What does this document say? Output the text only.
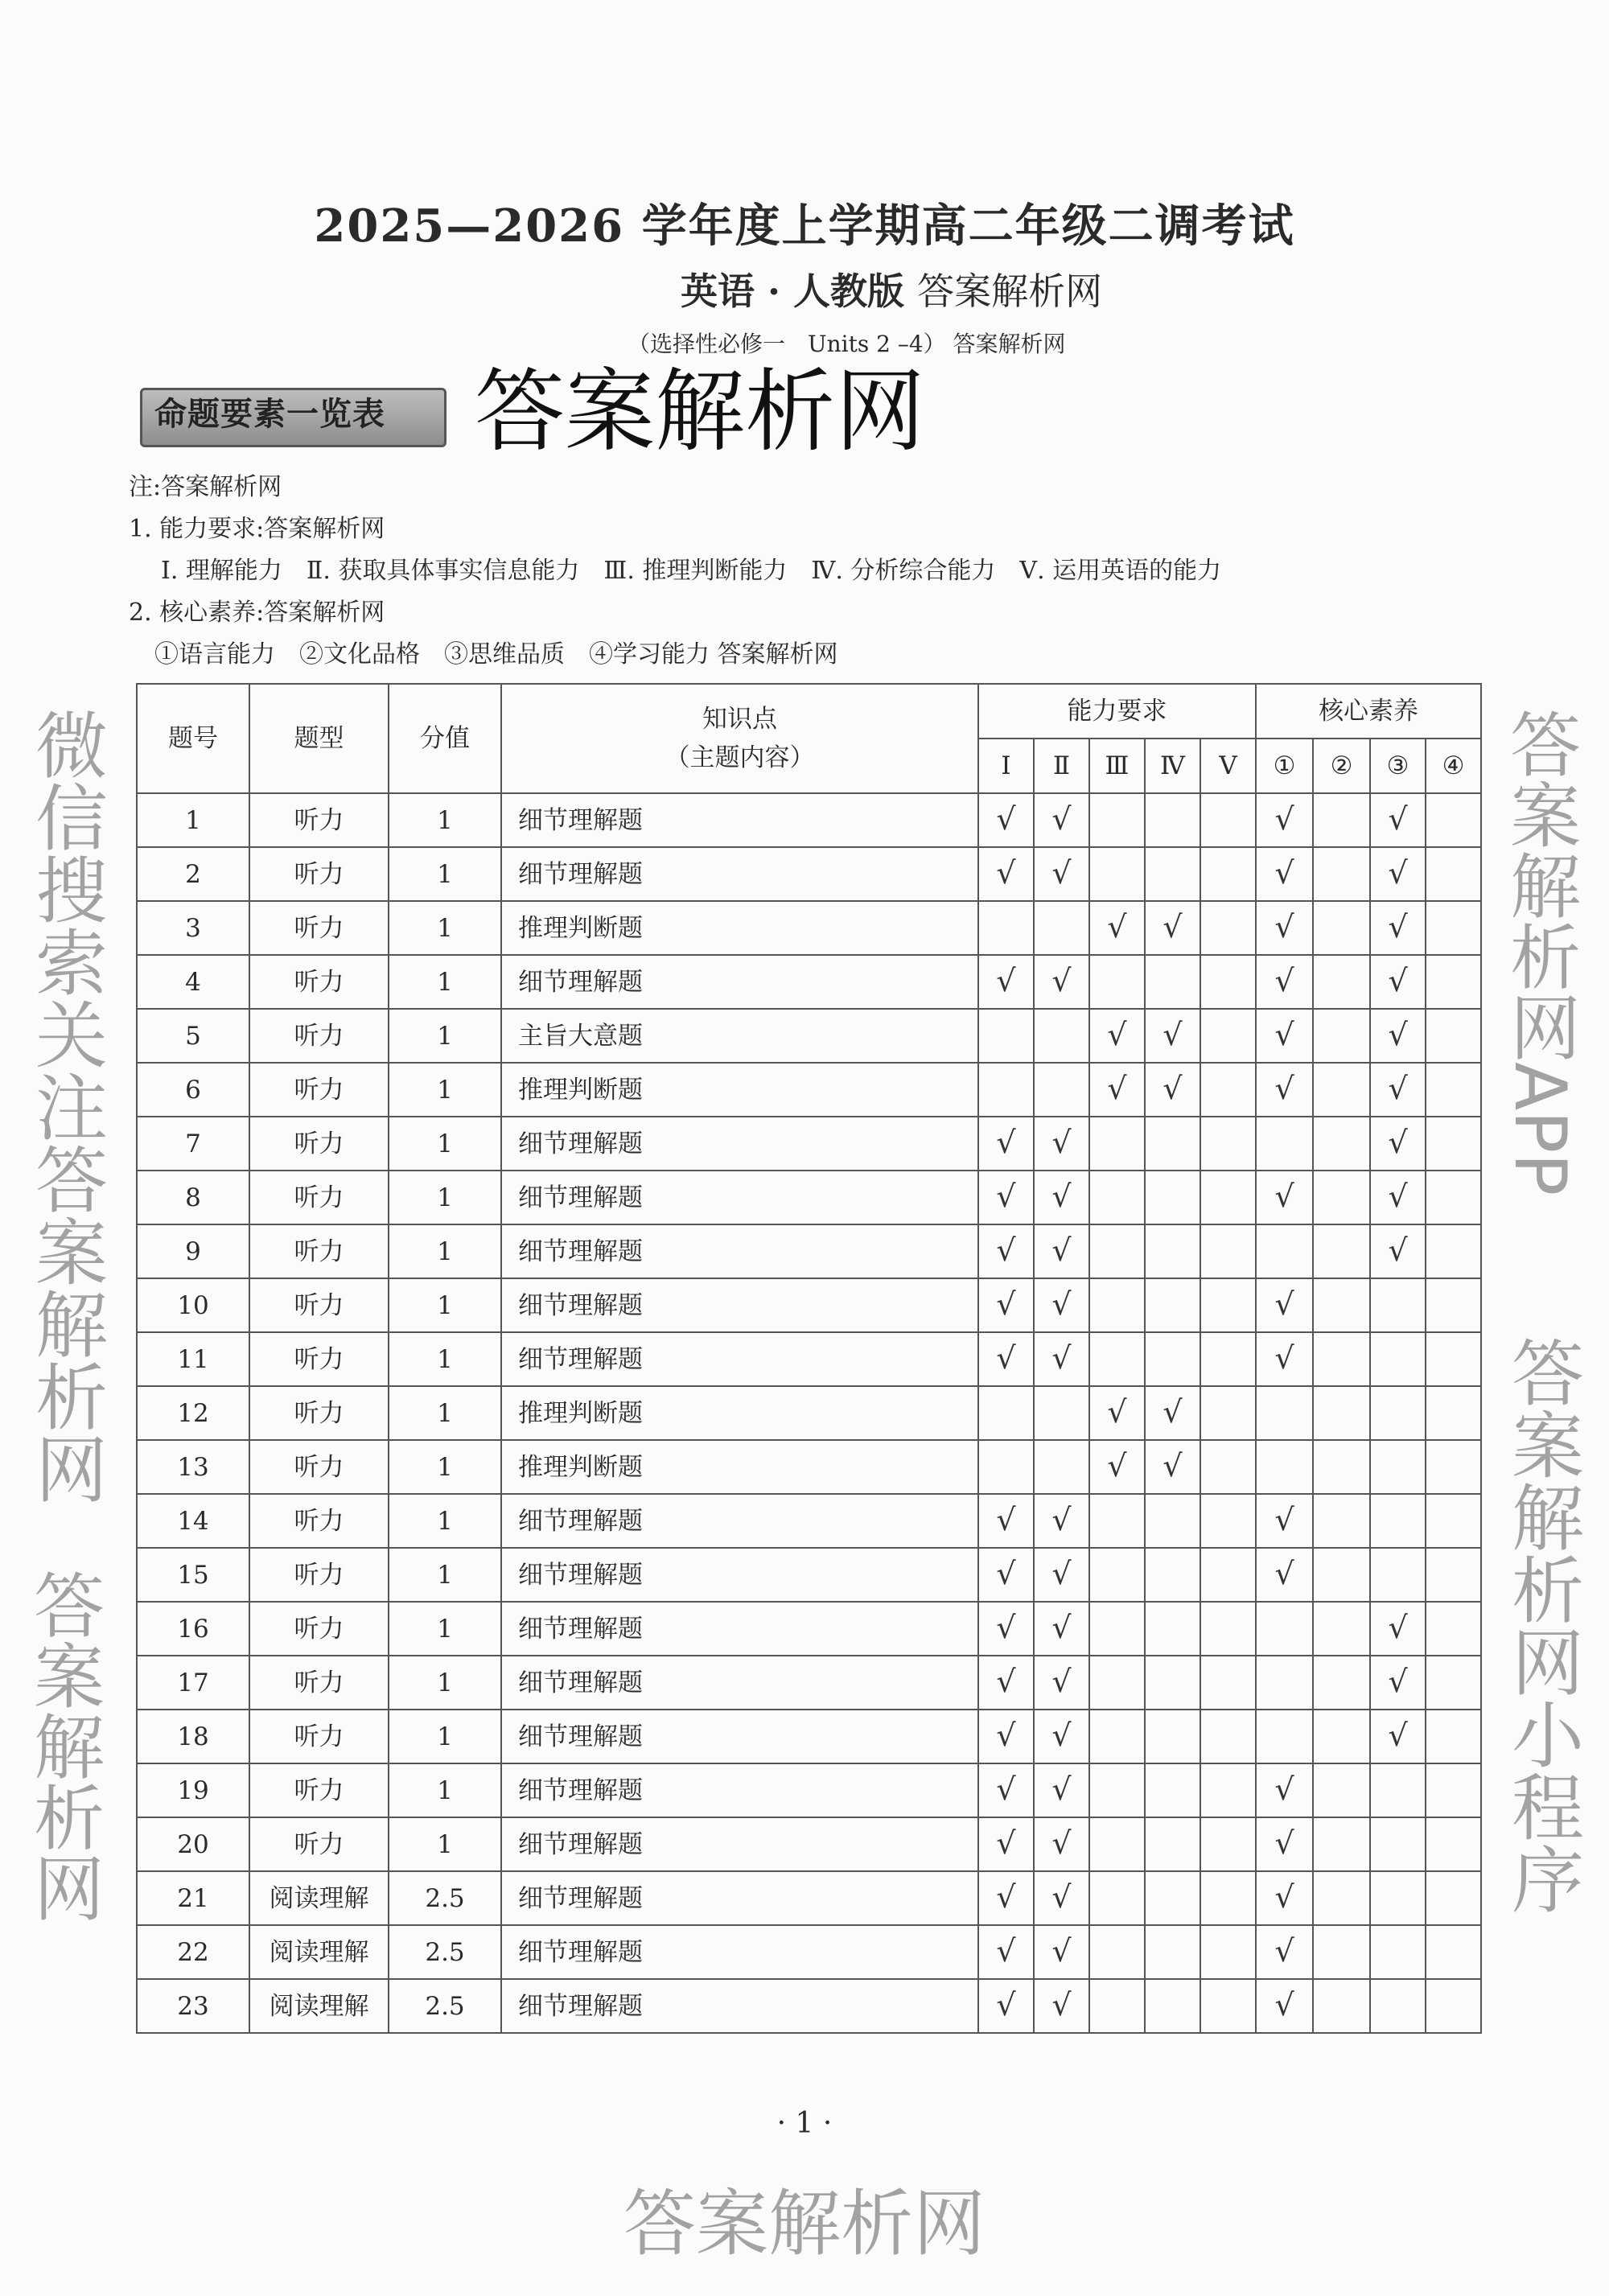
2025—2026 学年度上学期高二年级二调考试
英语 · 人教版 答案解析网
（选择性必修一　Units 2 –4） 答案解析网
命题要素一览表 答案解析网
注:答案解析网
1. 能力要求:答案解析网
Ⅰ. 理解能力　Ⅱ. 获取具体事实信息能力　Ⅲ. 推理判断能力　Ⅳ. 分析综合能力　Ⅴ. 运用英语的能力
2. 核心素养:答案解析网
①语言能力　②文化品格　③思维品质　④学习能力 答案解析网
题号	题型	分值	知识点
（主题内容）	能力要求					核心素养			
				Ⅰ	Ⅱ	Ⅲ	Ⅳ	Ⅴ	①	②	③	④
1	听力	1	细节理解题	√	√				√		√	
2	听力	1	细节理解题	√	√				√		√	
3	听力	1	推理判断题			√	√		√		√	
4	听力	1	细节理解题	√	√				√		√	
5	听力	1	主旨大意题			√	√		√		√	
6	听力	1	推理判断题			√	√		√		√	
7	听力	1	细节理解题	√	√						√	
8	听力	1	细节理解题	√	√				√		√	
9	听力	1	细节理解题	√	√						√	
10	听力	1	细节理解题	√	√				√			
11	听力	1	细节理解题	√	√				√			
12	听力	1	推理判断题			√	√					
13	听力	1	推理判断题			√	√					
14	听力	1	细节理解题	√	√				√			
15	听力	1	细节理解题	√	√				√			
16	听力	1	细节理解题	√	√						√	
17	听力	1	细节理解题	√	√						√	
18	听力	1	细节理解题	√	√						√	
19	听力	1	细节理解题	√	√				√			
20	听力	1	细节理解题	√	√				√			
21	阅读理解	2.5	细节理解题	√	√				√			
22	阅读理解	2.5	细节理解题	√	√				√			
23	阅读理解	2.5	细节理解题	√	√				√			
微信搜索关注答案解析网
答案解析网
答案解析网APP
答案解析网小程序
答案解析网
· 1 ·
